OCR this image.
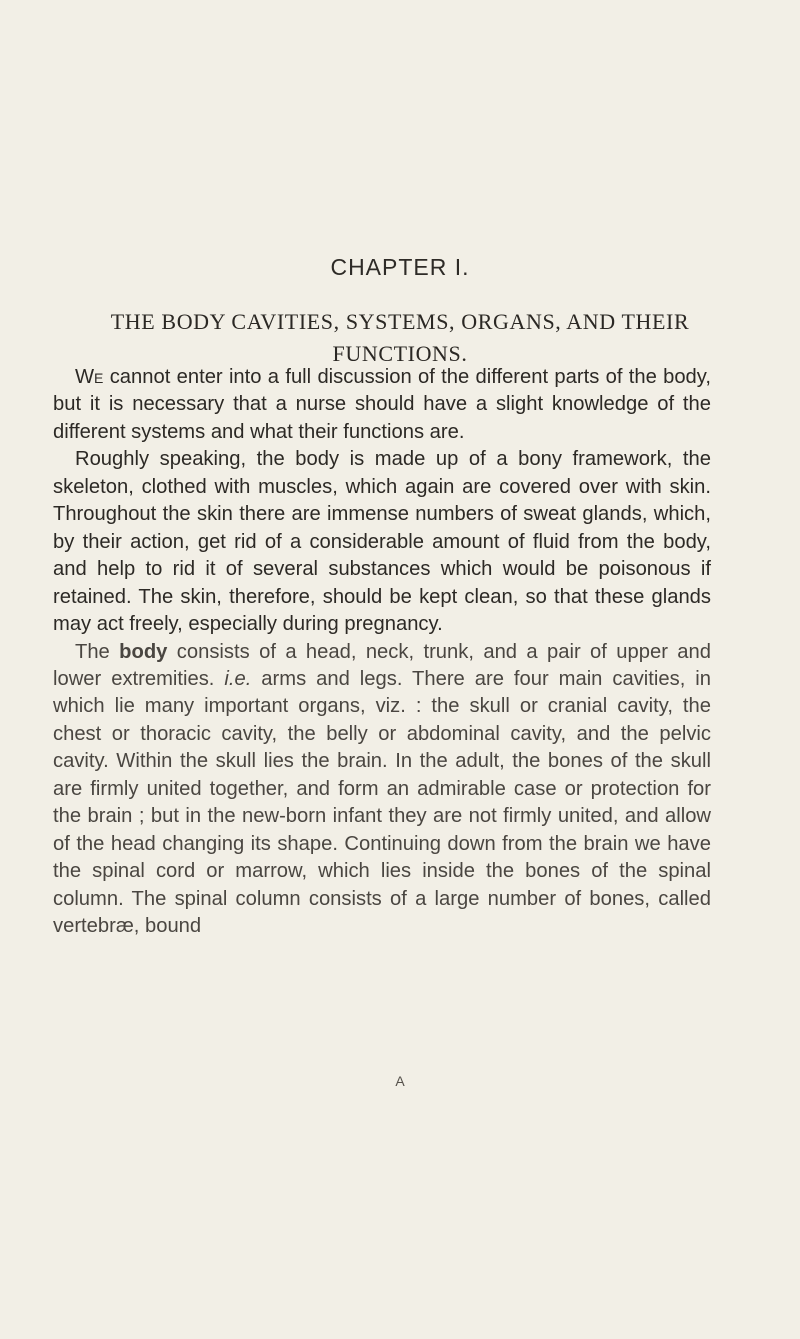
CHAPTER I.
THE BODY CAVITIES, SYSTEMS, ORGANS, AND THEIR FUNCTIONS.

We cannot enter into a full discussion of the different parts of the body, but it is necessary that a nurse should have a slight knowledge of the different systems and what their functions are.

Roughly speaking, the body is made up of a bony framework, the skeleton, clothed with muscles, which again are covered over with skin. Throughout the skin there are immense numbers of sweat glands, which, by their action, get rid of a considerable amount of fluid from the body, and help to rid it of several substances which would be poisonous if retained. The skin, therefore, should be kept clean, so that these glands may act freely, especially during pregnancy.

The body consists of a head, neck, trunk, and a pair of upper and lower extremities. i.e. arms and legs. There are four main cavities, in which lie many important organs, viz. : the skull or cranial cavity, the chest or thoracic cavity, the belly or abdominal cavity, and the pelvic cavity. Within the skull lies the brain. In the adult, the bones of the skull are firmly united together, and form an admirable case or protection for the brain ; but in the new-born infant they are not firmly united, and allow of the head changing its shape. Continuing down from the brain we have the spinal cord or marrow, which lies inside the bones of the spinal column. The spinal column consists of a large number of bones, called vertebræ, bound

A
